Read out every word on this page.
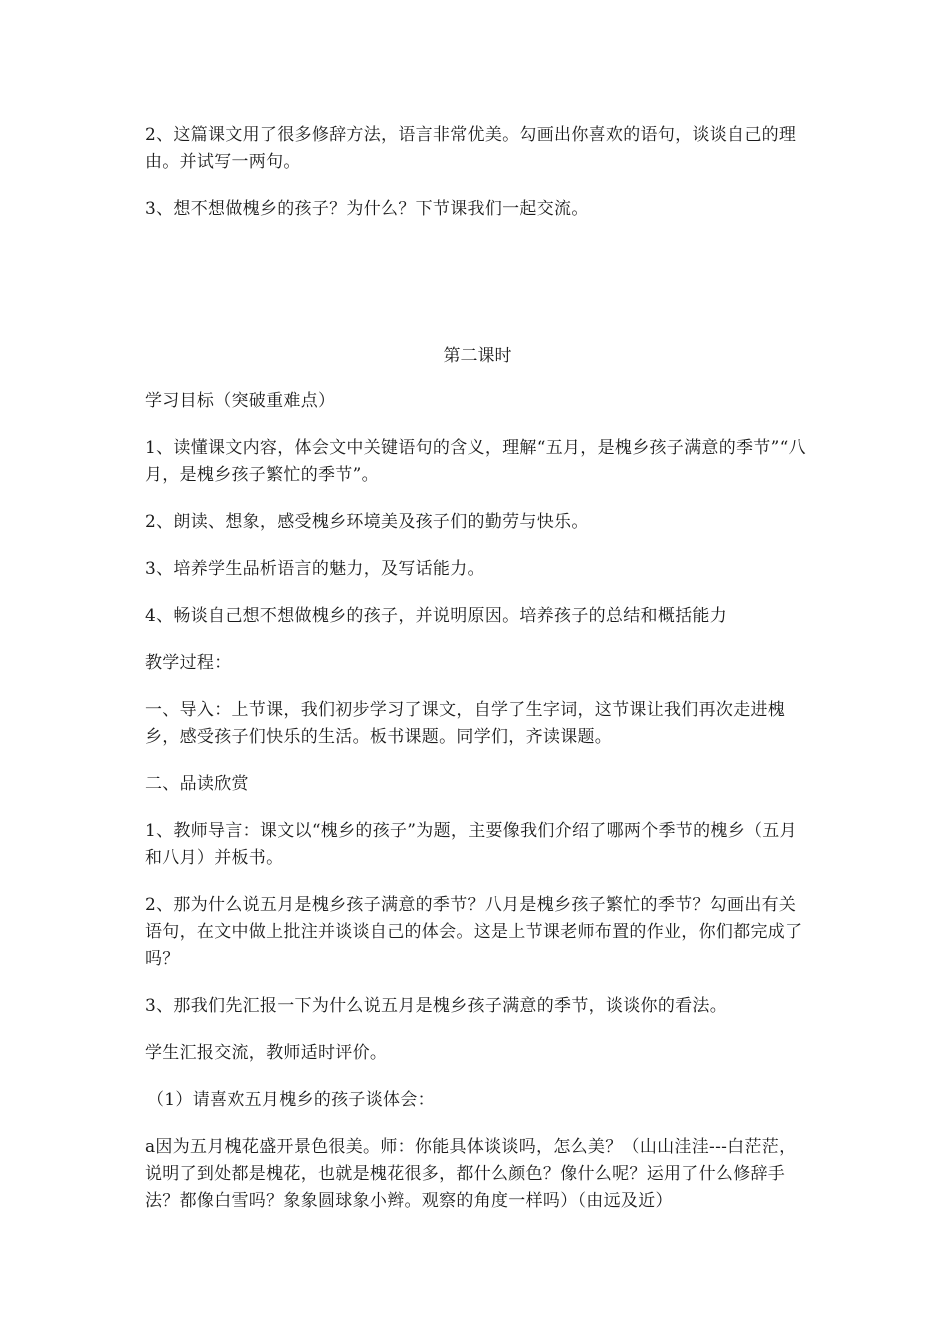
2、这篇课文用了很多修辞方法，语言非常优美。勾画出你喜欢的语句，谈谈自己的理由。并试写一两句。

3、想不想做槐乡的孩子？为什么？下节课我们一起交流。

第二课时

学习目标（突破重难点）

1、读懂课文内容，体会文中关键语句的含义，理解“五月，是槐乡孩子满意的季节”“八月，是槐乡孩子繁忙的季节”。

2、朗读、想象，感受槐乡环境美及孩子们的勤劳与快乐。

3、培养学生品析语言的魅力，及写话能力。

4、畅谈自己想不想做槐乡的孩子，并说明原因。培养孩子的总结和概括能力

教学过程：

一、导入：上节课，我们初步学习了课文，自学了生字词，这节课让我们再次走进槐乡，感受孩子们快乐的生活。板书课题。同学们，齐读课题。

二、品读欣赏

1、教师导言：课文以“槐乡的孩子”为题，主要像我们介绍了哪两个季节的槐乡（五月和八月）并板书。

2、那为什么说五月是槐乡孩子满意的季节？八月是槐乡孩子繁忙的季节？勾画出有关语句，在文中做上批注并谈谈自己的体会。这是上节课老师布置的作业，你们都完成了吗？

3、那我们先汇报一下为什么说五月是槐乡孩子满意的季节，谈谈你的看法。

学生汇报交流，教师适时评价。

（1）请喜欢五月槐乡的孩子谈体会：

a因为五月槐花盛开景色很美。师：你能具体谈谈吗，怎么美？（山山洼洼---白茫茫，说明了到处都是槐花，也就是槐花很多，都什么颜色？像什么呢？运用了什么修辞手法？都像白雪吗？象象圆球象小辫。观察的角度一样吗）（由远及近）
